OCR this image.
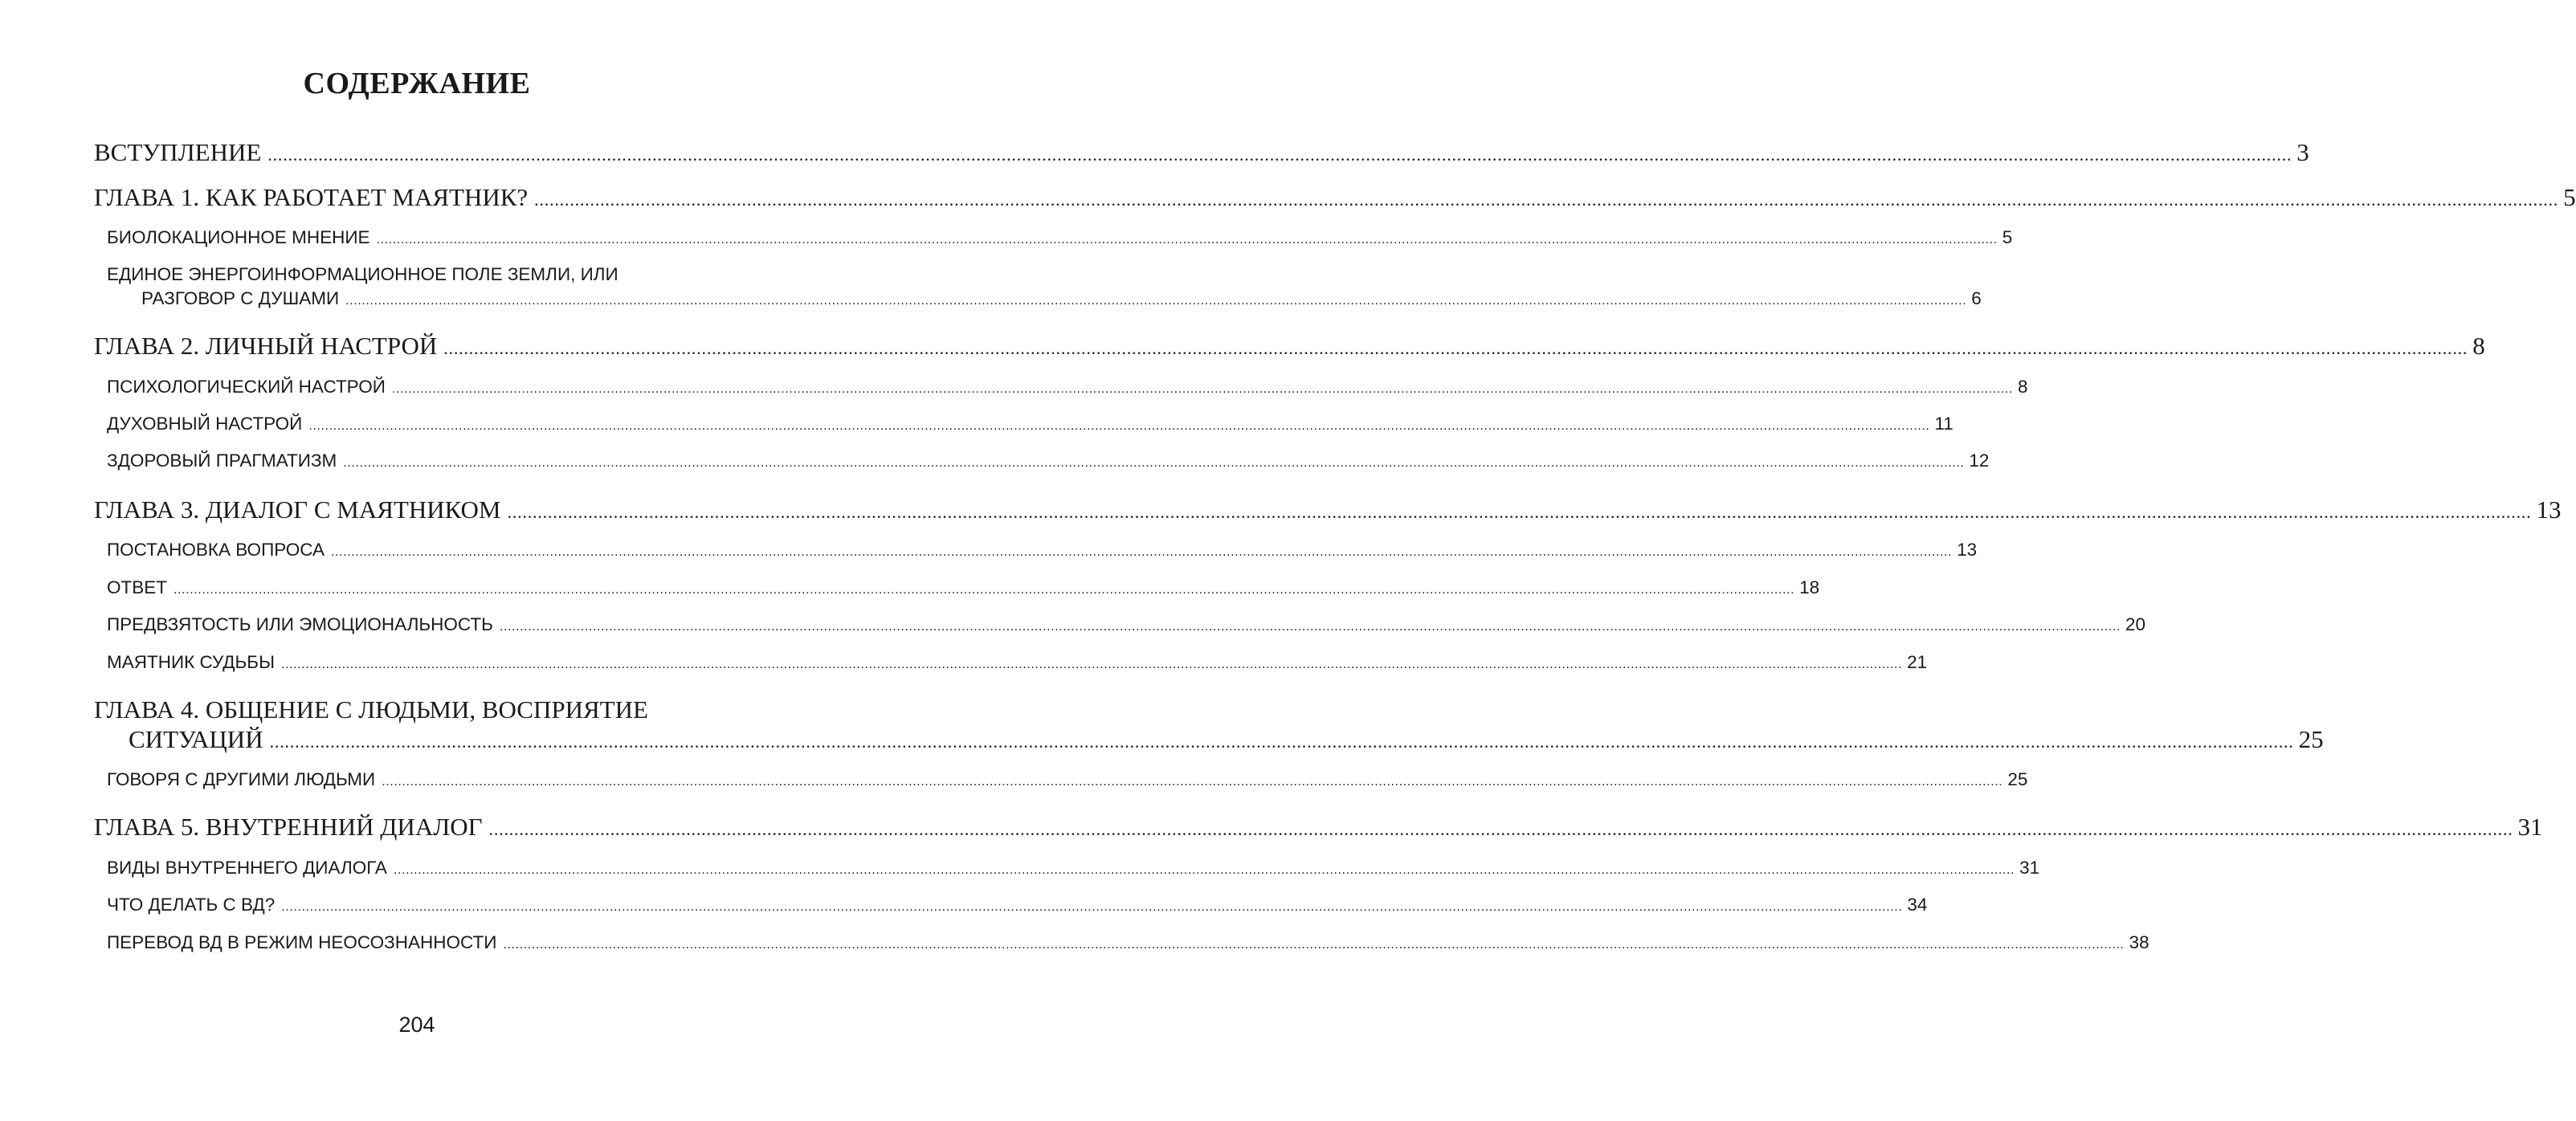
СОДЕРЖАНИЕ
ВСТУПЛЕНИЕ ................................................................................................................................................................................................................................................................................................................................................................................................................ 3
ГЛАВА 1. КАК РАБОТАЕТ МАЯТНИК? ................................................................................................................................................................................................................................................................................................................................................................................................................ 5
БИОЛОКАЦИОННОЕ МНЕНИЕ ................................................................................................................................................................................................................................................................................................................................................................................................................ 5
ЕДИНОЕ ЭНЕРГОИНФОРМАЦИОННОЕ ПОЛЕ ЗЕМЛИ, ИЛИ
РАЗГОВОР С ДУШАМИ ................................................................................................................................................................................................................................................................................................................................................................................................................ 6
ГЛАВА 2. ЛИЧНЫЙ НАСТРОЙ ................................................................................................................................................................................................................................................................................................................................................................................................................ 8
ПСИХОЛОГИЧЕСКИЙ НАСТРОЙ ................................................................................................................................................................................................................................................................................................................................................................................................................ 8
ДУХОВНЫЙ НАСТРОЙ ................................................................................................................................................................................................................................................................................................................................................................................................................ 11
ЗДОРОВЫЙ ПРАГМАТИЗМ ................................................................................................................................................................................................................................................................................................................................................................................................................ 12
ГЛАВА 3. ДИАЛОГ С МАЯТНИКОМ ................................................................................................................................................................................................................................................................................................................................................................................................................ 13
ПОСТАНОВКА ВОПРОСА ................................................................................................................................................................................................................................................................................................................................................................................................................ 13
ОТВЕТ ................................................................................................................................................................................................................................................................................................................................................................................................................ 18
ПРЕДВЗЯТОСТЬ ИЛИ ЭМОЦИОНАЛЬНОСТЬ ................................................................................................................................................................................................................................................................................................................................................................................................................ 20
МАЯТНИК СУДЬБЫ ................................................................................................................................................................................................................................................................................................................................................................................................................ 21
ГЛАВА 4. ОБЩЕНИЕ С ЛЮДЬМИ, ВОСПРИЯТИЕ
СИТУАЦИЙ ................................................................................................................................................................................................................................................................................................................................................................................................................ 25
ГОВОРЯ С ДРУГИМИ ЛЮДЬМИ ................................................................................................................................................................................................................................................................................................................................................................................................................ 25
ГЛАВА 5. ВНУТРЕННИЙ ДИАЛОГ ................................................................................................................................................................................................................................................................................................................................................................................................................ 31
ВИДЫ ВНУТРЕННЕГО ДИАЛОГА ................................................................................................................................................................................................................................................................................................................................................................................................................ 31
ЧТО ДЕЛАТЬ С ВД? ................................................................................................................................................................................................................................................................................................................................................................................................................ 34
ПЕРЕВОД ВД В РЕЖИМ НЕОСОЗНАННОСТИ ................................................................................................................................................................................................................................................................................................................................................................................................................ 38
204
